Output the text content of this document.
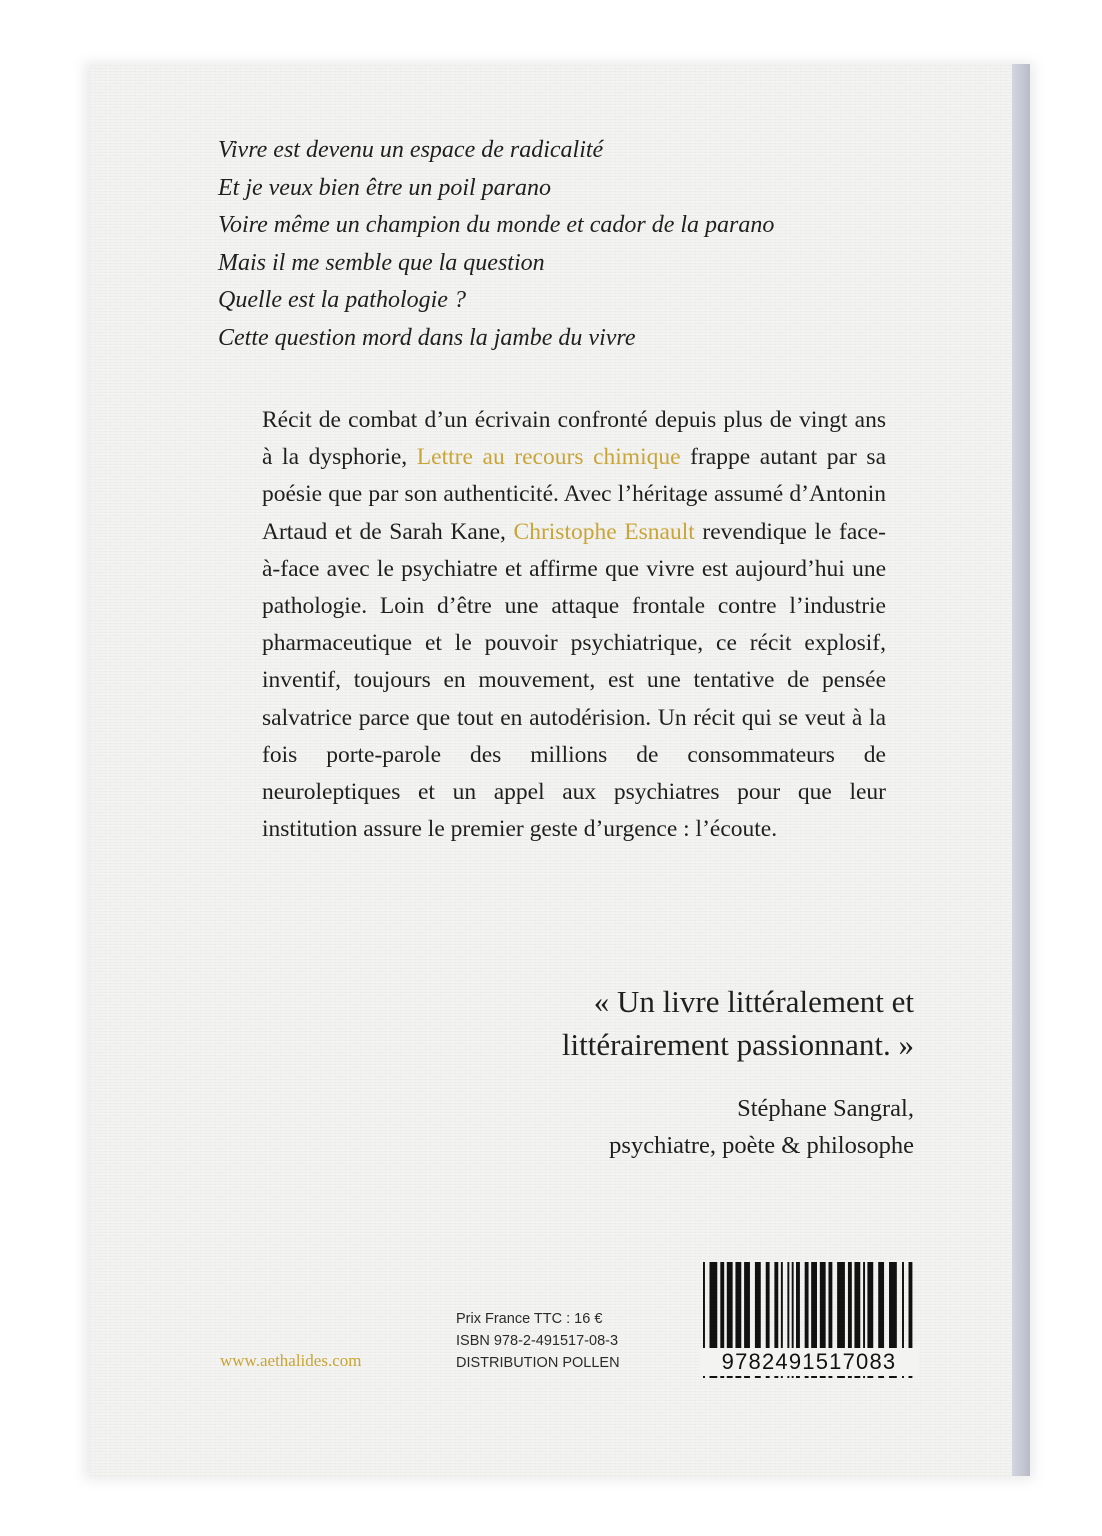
Vivre est devenu un espace de radicalité
Et je veux bien être un poil parano
Voire même un champion du monde et cador de la parano
Mais il me semble que la question
Quelle est la pathologie ?
Cette question mord dans la jambe du vivre

Récit de combat d’un écrivain confronté depuis plus de vingt ans à la dysphorie, Lettre au recours chimique frappe autant par sa poésie que par son authenticité. Avec l’héritage assumé d’Antonin Artaud et de Sarah Kane, Christophe Esnault revendique le face-à-face avec le psychiatre et affirme que vivre est aujourd’hui une pathologie. Loin d’être une attaque frontale contre l’industrie pharmaceutique et le pouvoir psychiatrique, ce récit explosif, inventif, toujours en mouvement, est une tentative de pensée salvatrice parce que tout en autodérision. Un récit qui se veut à la fois porte-parole des millions de consommateurs de neuroleptiques et un appel aux psychiatres pour que leur institution assure le premier geste d’urgence : l’écoute.

« Un livre littéralement et
littérairement passionnant. »
Stéphane Sangral,
psychiatre, poète & philosophe
www.aethalides.com
Prix France TTC : 16 €
ISBN 978-2-491517-08-3
DISTRIBUTION POLLEN	9782491517083
